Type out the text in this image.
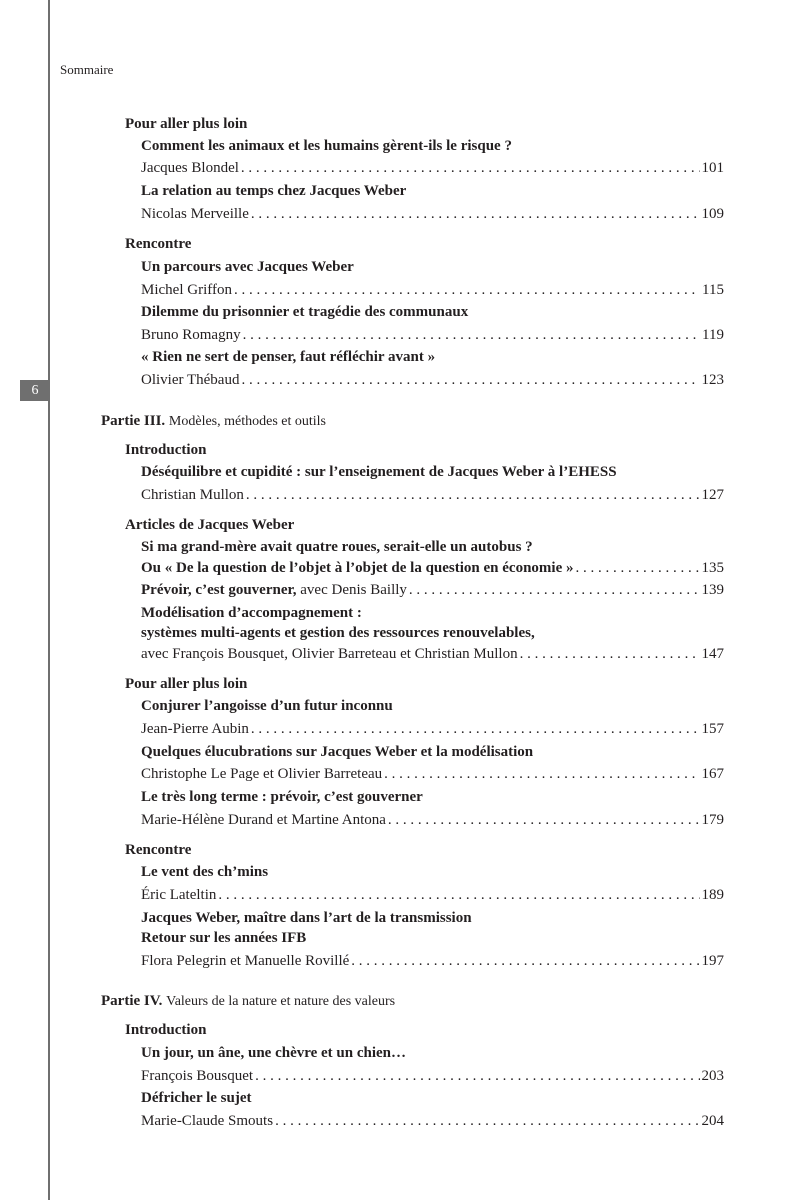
6
Sommaire
Pour aller plus loin
Comment les animaux et les humains gèrent-ils le risque ?
Jacques Blondel . . .	101
La relation au temps chez Jacques Weber
Nicolas Merveille . . .	109
Rencontre
Un parcours avec Jacques Weber
Michel Griffon . . .	115
Dilemme du prisonnier et tragédie des communaux
Bruno Romagny . . .	119
« Rien ne sert de penser, faut réfléchir avant »
Olivier Thébaud . . .	123
Partie III. Modèles, méthodes et outils
Introduction
Déséquilibre et cupidité : sur l’enseignement de Jacques Weber à l’EHESS
Christian Mullon . . .	127
Articles de Jacques Weber
Si ma grand-mère avait quatre roues, serait-elle un autobus ?
Ou « De la question de l’objet à l’objet de la question en économie » . . .	135
Prévoir, c’est gouverner, avec Denis Bailly . . .	139
Modélisation d’accompagnement :
systèmes multi-agents et gestion des ressources renouvelables,
avec François Bousquet, Olivier Barreteau et Christian Mullon . . .	147
Pour aller plus loin
Conjurer l’angoisse d’un futur inconnu
Jean-Pierre Aubin . . .	157
Quelques élucubrations sur Jacques Weber et la modélisation
Christophe Le Page et Olivier Barreteau . . .	167
Le très long terme : prévoir, c’est gouverner
Marie-Hélène Durand et Martine Antona . . .	179
Rencontre
Le vent des ch’mins
Éric Lateltin . . .	189
Jacques Weber, maître dans l’art de la transmission
Retour sur les années IFB
Flora Pelegrin et Manuelle Rovillé . . .	197
Partie IV. Valeurs de la nature et nature des valeurs
Introduction
Un jour, un âne, une chèvre et un chien…
François Bousquet . . .	203
Défricher le sujet
Marie-Claude Smouts . . .	204
